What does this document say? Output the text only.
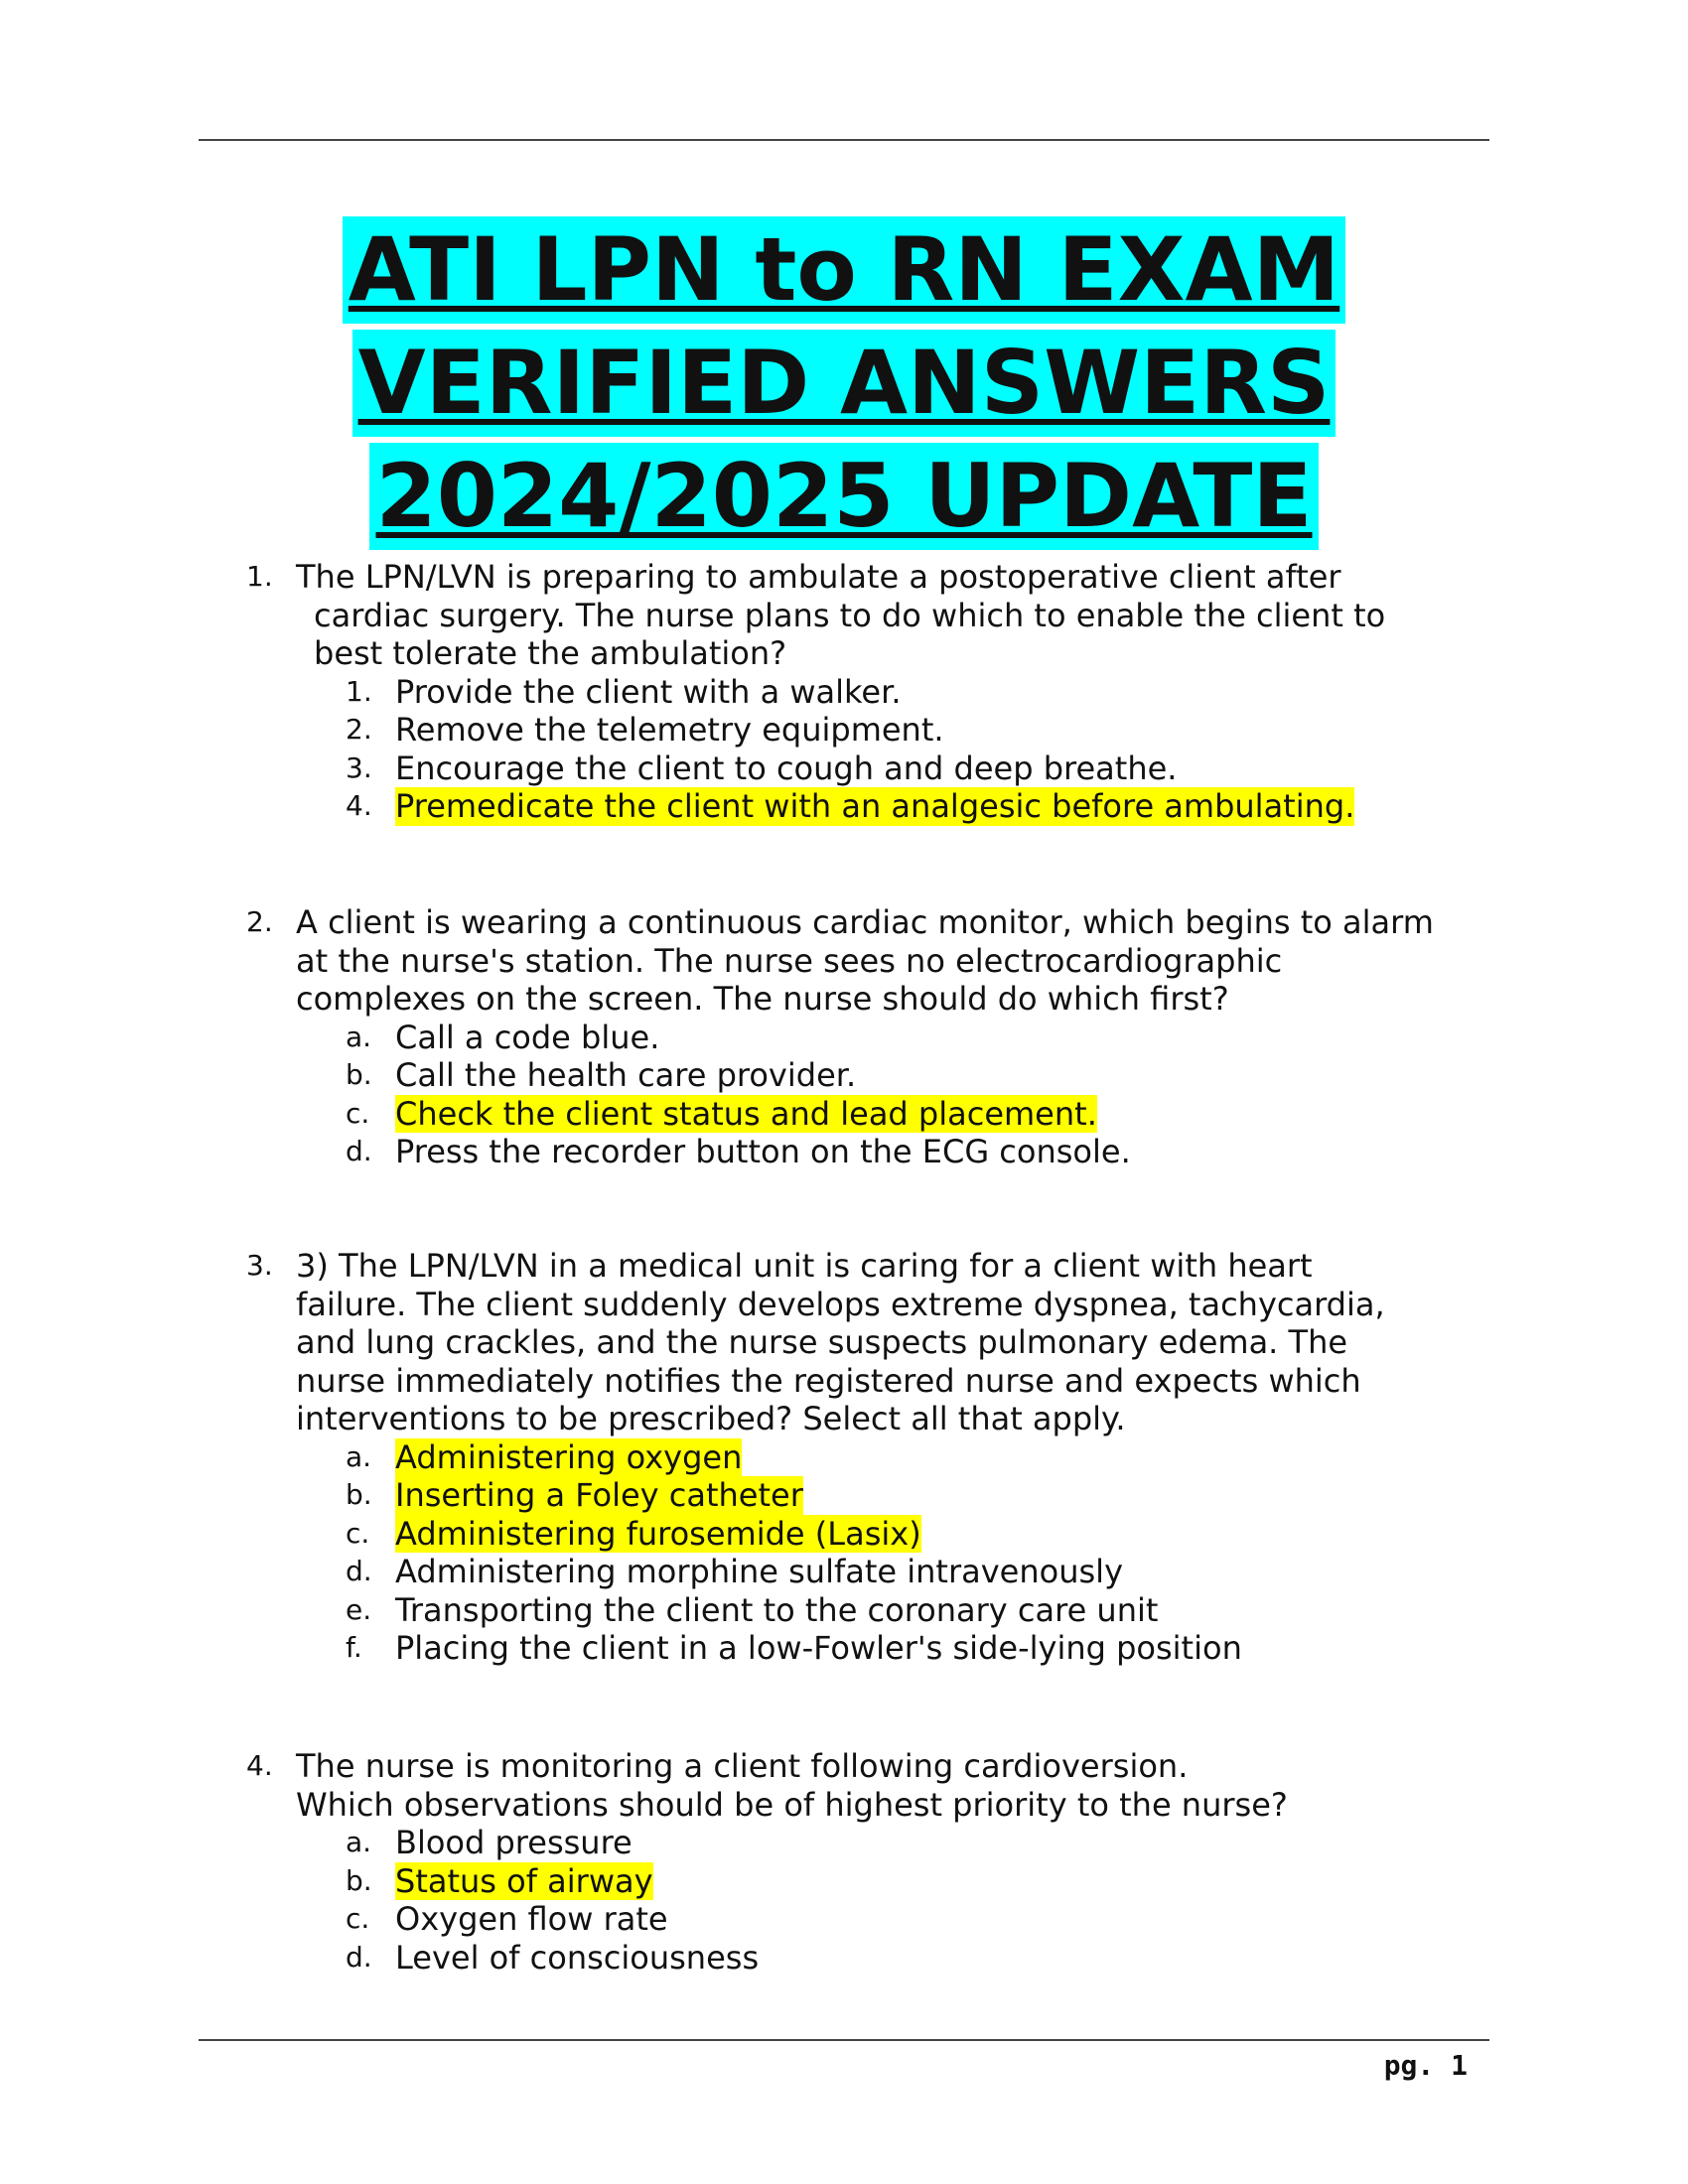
ATI LPN to RN EXAM
VERIFIED ANSWERS
2024/2025 UPDATE
1. The LPN/LVN is preparing to ambulate a postoperative client after
cardiac surgery. The nurse plans to do which to enable the client to
best tolerate the ambulation?
1. Provide the client with a walker.
2. Remove the telemetry equipment.
3. Encourage the client to cough and deep breathe.
4. Premedicate the client with an analgesic before ambulating.
2. A client is wearing a continuous cardiac monitor, which begins to alarm
at the nurse's station. The nurse sees no electrocardiographic
complexes on the screen. The nurse should do which first?
a. Call a code blue.
b. Call the health care provider.
c. Check the client status and lead placement.
d. Press the recorder button on the ECG console.
3. 3) The LPN/LVN in a medical unit is caring for a client with heart
failure. The client suddenly develops extreme dyspnea, tachycardia,
and lung crackles, and the nurse suspects pulmonary edema. The
nurse immediately notifies the registered nurse and expects which
interventions to be prescribed? Select all that apply.
a. Administering oxygen
b. Inserting a Foley catheter
c. Administering furosemide (Lasix)
d. Administering morphine sulfate intravenously
e. Transporting the client to the coronary care unit
f. Placing the client in a low-Fowler's side-lying position
4. The nurse is monitoring a client following cardioversion.
Which observations should be of highest priority to the nurse?
a. Blood pressure
b. Status of airway
c. Oxygen flow rate
d. Level of consciousness
pg. 1
